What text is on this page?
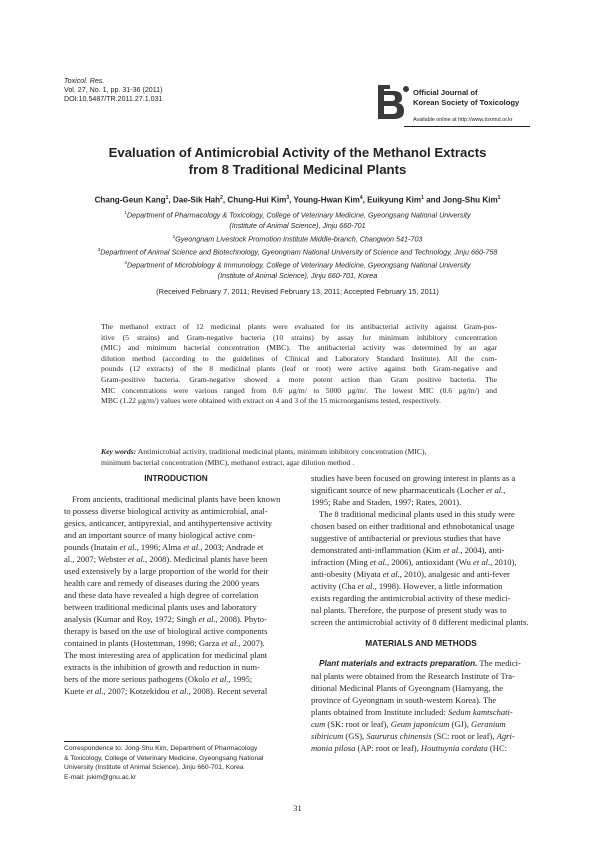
Toxicol. Res.
Vol. 27, No. 1, pp. 31-36 (2011)
DOI:10.5487/TR.2011.27.1.031
Official Journal of
Korean Society of Toxicology
Available online at http://www.toxmut.or.kr
Evaluation of Antimicrobial Activity of the Methanol Extracts
from 8 Traditional Medicinal Plants
Chang-Geun Kang$^1$, Dae-Sik Hah$^2$, Chung-Hui Kim$^3$, Young-Hwan Kim$^4$, Euikyung Kim$^1$ and Jong-Shu Kim$^1$
$^1$Department of Pharmacology & Toxicology, College of Veterinary Medicine, Gyeongsang National University
(Institute of Animal Science), Jinju 660-701
$^2$Gyeongnam Livestock Promotion Institute Middle-branch, Changwon 541-703
$^3$Department of Animal Science and Biotechnology, Gyeongnam National University of Science and Technology, Jinju 660-758
$^4$Department of Microbiology & Immunology, College of Veterinary Medicine, Gyeongsang National University
(Institute of Animal Science), Jinju 660-701, Korea
(Received February 7, 2011; Revised February 13, 2011; Accepted February 15, 2011)
The methanol extract of 12 medicinal plants were evaluated for its antibacterial activity against Gram-pos-
itive (5 strains) and Gram-negative bacteria (10 strains) by assay for minimum inhibitory concentration
(MIC) and minimum bacterial concentration (MBC). The antibacterial activity was determined by an agar
dilution method (according to the guidelines of Clinical and Laboratory Standard Institute). All the com-
pounds (12 extracts) of the 8 medicinal plants (leaf or root) were active against both Gram-negative and
Gram-positive bacteria. Gram-negative showed a more potent action than Gram positive bacteria. The
MIC concentrations were various ranged from 0.6 μg/m/ to 5000 μg/m/. The lowest MIC (0.6 μg/m/) and
MBC (1.22 μg/m/) values were obtained with extract on 4 and 3 of the 15 microorganisms tested, respectively.
Key words: Antimicrobial activity, traditional medicinal plants, minimum inhibitory concentration (MIC),
minimum bacterial concentration (MBC), methanol extract, agar dilution method .
INTRODUCTION
From ancients, traditional medicinal plants have been known
to possess diverse biological activity as antimicrobial, anal-
gesics, anticancer, antipyrexial, and antihypertensive activity
and an important source of many biological active com-
pounds (Inatain et al., 1996; Alma et al., 2003; Andrade et
al., 2007; Webster et al., 2008). Medicinal plants have been
used extensively by a large proportion of the world for their
health care and remedy of diseases during the 2000 years
and these data have revealed a high degree of correlation
between traditional medicinal plants uses and laboratory
analysis (Kumar and Roy, 1972; Singh et al., 2008). Phyto-
therapy is based on the use of biological active components
contained in plants (Hostettman, 1998; Garza et al., 2007).
The most interesting area of application for medicinal plant
extracts is the inhibition of growth and reduction in num-
bers of the more serious pathogens (Okolo et al., 1995;
Kuete et al., 2007; Kotzekidou et al., 2008). Recent several
studies have been focused on growing interest in plants as a
significant source of new pharmaceuticals (Locher et al.,
1995; Rabe and Staden, 1997; Rates, 2001).
The 8 traditional medicinal plants used in this study were
chosen based on either traditional and ethnobotanical usage
suggestive of antibacterial or previous studies that have
demonstrated anti-inflammation (Kim et al., 2004), anti-
infraction (Ming et al., 2006), antioxidant (Wu et al., 2010),
anti-obesity (Miyata et al., 2010), analgesic and anti-fever
activity (Cha et al., 1998). However, a little information
exists regarding the antimicrobial activity of these medici-
nal plants. Therefore, the purpose of present study was to
screen the antimicrobial activity of 8 different medicinal plants.
MATERIALS AND METHODS
Plant materials and extracts preparation. The medici-
nal plants were obtained from the Research Institute of Tra-
ditional Medicinal Plants of Gyeongnam (Hamyang, the
province of Gyeongnam in south-western Korea). The
plants obtained from Institute included: Sedum kamtschati-
cum (SK: root or leaf), Geum japonicum (GJ), Geranium
sibiricum (GS), Saururus chinensis (SC: root or leaf), Agri-
monia pilosa (AP: root or leaf), Houttuynia cordata (HC:
Correspondence to: Jong-Shu Kim, Department of Pharmacology
& Toxicology, College of Veterinary Medicine, Gyeongsang National
University (Institute of Animal Science), Jinju 660-701, Korea
E-mail: jskim@gnu.ac.kr
31
